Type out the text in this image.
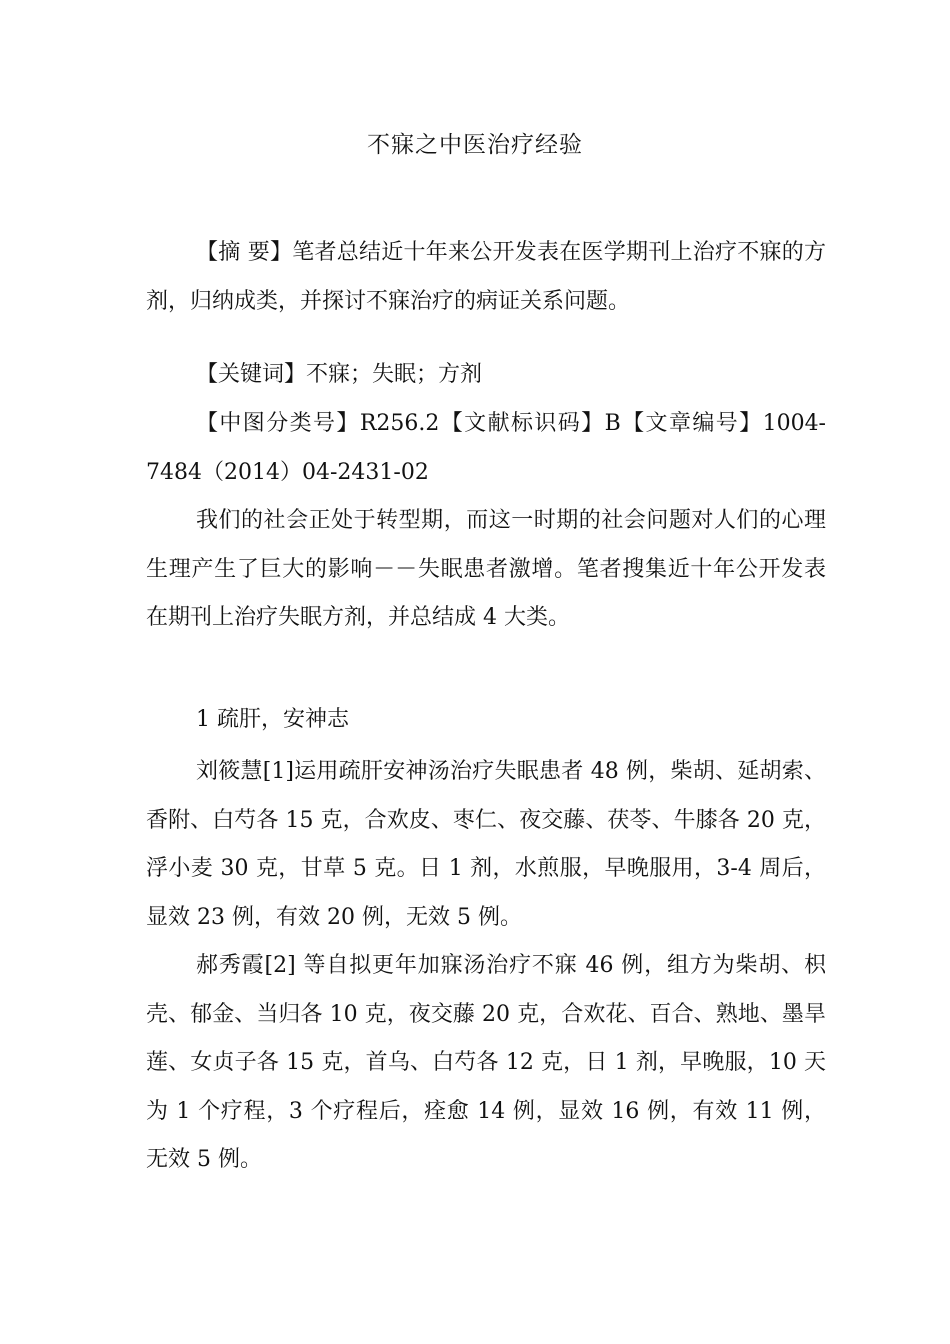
不寐之中医治疗经验
【摘 要】笔者总结近十年来公开发表在医学期刊上治疗不寐的方剂，归纳成类，并探讨不寐治疗的病证关系问题。
【关键词】不寐；失眠；方剂
【中图分类号】R256.2【文献标识码】B【文章编号】1004-7484（2014）04-2431-02
我们的社会正处于转型期，而这一时期的社会问题对人们的心理生理产生了巨大的影响－－失眠患者激增。笔者搜集近十年公开发表在期刊上治疗失眠方剂，并总结成 4 大类。
1 疏肝，安神志
刘筱慧[1]运用疏肝安神汤治疗失眠患者 48 例，柴胡、延胡索、香附、白芍各 15 克，合欢皮、枣仁、夜交藤、茯苓、牛膝各 20 克，浮小麦 30 克，甘草 5 克。日 1 剂，水煎服，早晚服用，3-4 周后，显效 23 例，有效 20 例，无效 5 例。
郝秀霞[2] 等自拟更年加寐汤治疗不寐 46 例，组方为柴胡、枳壳、郁金、当归各 10 克，夜交藤 20 克，合欢花、百合、熟地、墨旱莲、女贞子各 15 克，首乌、白芍各 12 克，日 1 剂，早晚服，10 天为 1 个疗程，3 个疗程后，痊愈 14 例，显效 16 例，有效 11 例，无效 5 例。
